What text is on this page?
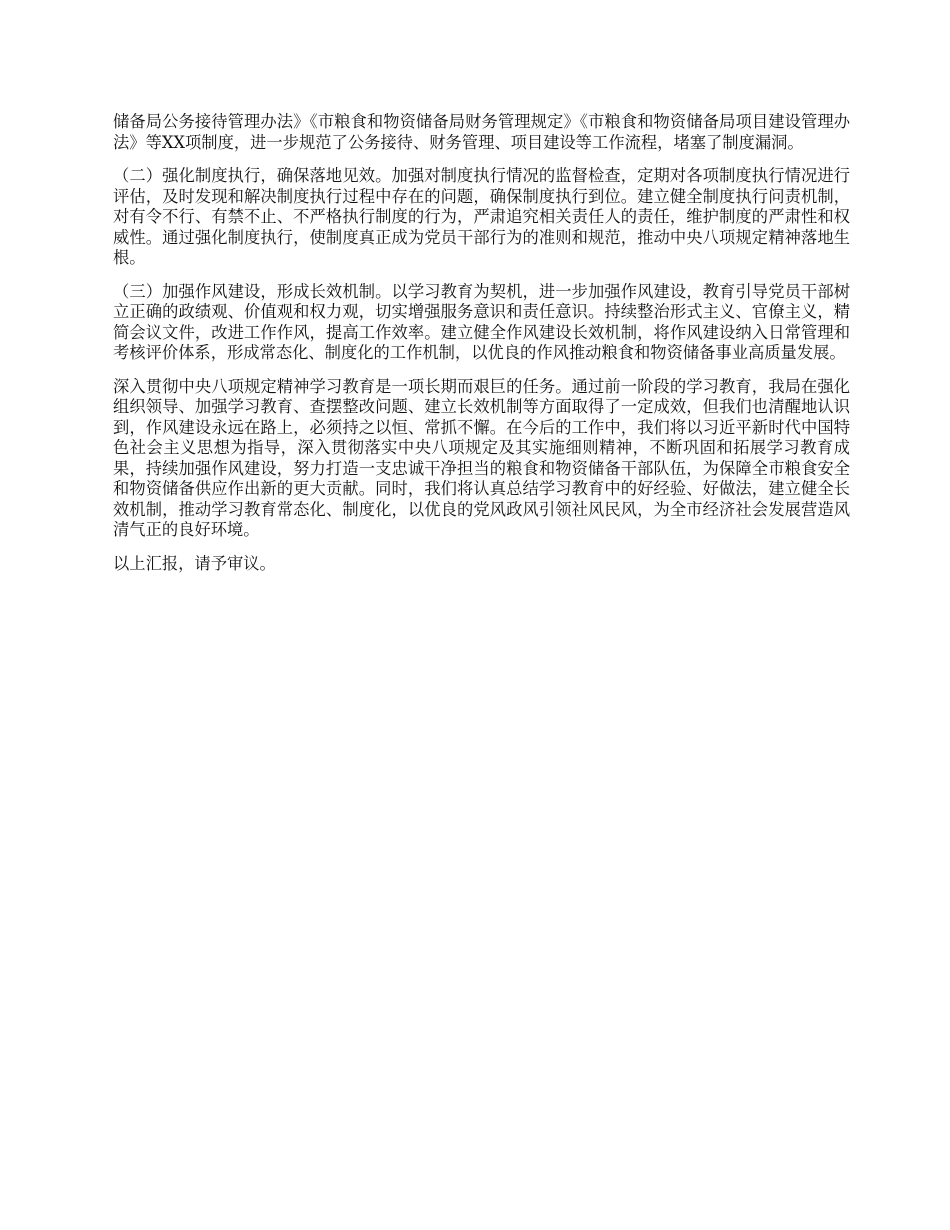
储备局公务接待管理办法》《市粮食和物资储备局财务管理规定》《市粮食和物资储备局项目建设管理办法》等XX项制度，进一步规范了公务接待、财务管理、项目建设等工作流程，堵塞了制度漏洞。

（二）强化制度执行，确保落地见效。加强对制度执行情况的监督检查，定期对各项制度执行情况进行评估，及时发现和解决制度执行过程中存在的问题，确保制度执行到位。建立健全制度执行问责机制，对有令不行、有禁不止、不严格执行制度的行为，严肃追究相关责任人的责任，维护制度的严肃性和权威性。通过强化制度执行，使制度真正成为党员干部行为的准则和规范，推动中央八项规定精神落地生根。

（三）加强作风建设，形成长效机制。以学习教育为契机，进一步加强作风建设，教育引导党员干部树立正确的政绩观、价值观和权力观，切实增强服务意识和责任意识。持续整治形式主义、官僚主义，精简会议文件，改进工作作风，提高工作效率。建立健全作风建设长效机制，将作风建设纳入日常管理和考核评价体系，形成常态化、制度化的工作机制，以优良的作风推动粮食和物资储备事业高质量发展。

深入贯彻中央八项规定精神学习教育是一项长期而艰巨的任务。通过前一阶段的学习教育，我局在强化组织领导、加强学习教育、查摆整改问题、建立长效机制等方面取得了一定成效，但我们也清醒地认识到，作风建设永远在路上，必须持之以恒、常抓不懈。在今后的工作中，我们将以习近平新时代中国特色社会主义思想为指导，深入贯彻落实中央八项规定及其实施细则精神，不断巩固和拓展学习教育成果，持续加强作风建设，努力打造一支忠诚干净担当的粮食和物资储备干部队伍，为保障全市粮食安全和物资储备供应作出新的更大贡献。同时，我们将认真总结学习教育中的好经验、好做法，建立健全长效机制，推动学习教育常态化、制度化，以优良的党风政风引领社风民风，为全市经济社会发展营造风清气正的良好环境。

以上汇报，请予审议。
